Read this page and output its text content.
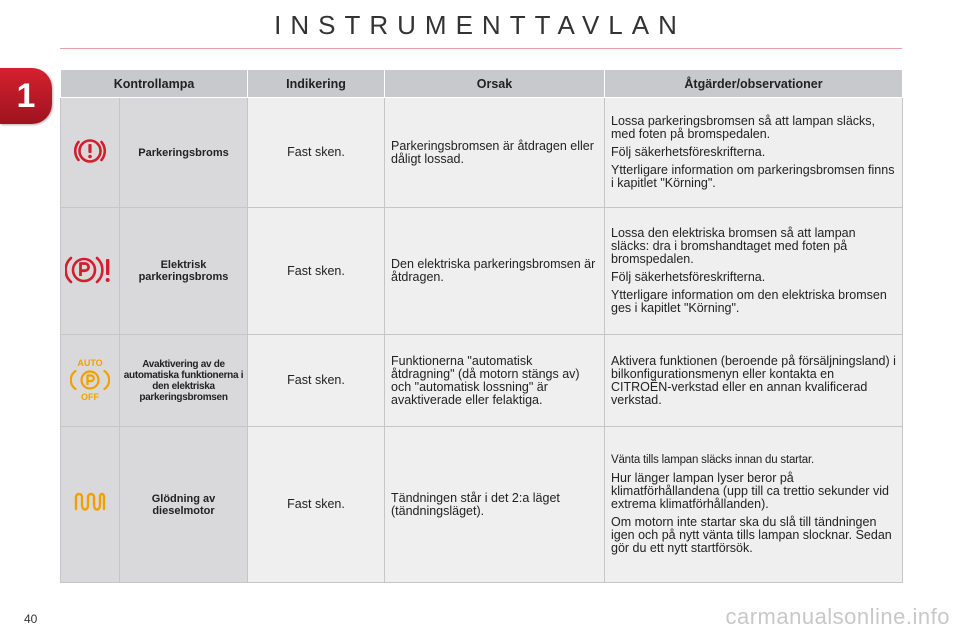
INSTRUMENTTAVLAN
1	Kontrollampa		Indikering	Orsak	Åtgärder/observationer

	Parkeringsbroms	Fast sken.	Parkeringsbromsen är åtdragen eller dåligt lossad.	Lossa parkeringsbromsen så att lampan släcks, med foten på bromspedalen.

Följ säkerhetsföreskrifterna.

Ytterligare information om parkeringsbromsen finns i kapitlet "Körning".

	Elektrisk parkeringsbroms	Fast sken.	Den elektriska parkeringsbromsen är åtdragen.	Lossa den elektriska bromsen så att lampan släcks: dra i bromshandtaget med foten på bromspedalen.

Följ säkerhetsföreskrifterna.

Ytterligare information om den elektriska bromsen ges i kapitlet "Körning".

AUTO
OFF	Avaktivering av de automatiska funktionerna i den elektriska parkeringsbromsen	Fast sken.	Funktionerna "automatisk åtdragning" (då motorn stängs av) och "automatisk lossning" är avaktiverade eller felaktiga.	Aktivera funktionen (beroende på försäljningsland) i bilkonfigurationsmenyn eller kontakta en CITROËN-verkstad eller en annan kvalificerad verkstad.

	Glödning av dieselmotor	Fast sken.	Tändningen står i det 2:a läget (tändningsläget).	Vänta tills lampan släcks innan du startar.

Hur länger lampan lyser beror på klimatförhållandena (upp till ca trettio sekunder vid extrema klimatförhållanden).

Om motorn inte startar ska du slå till tändningen igen och på nytt vänta tills lampan slocknar. Sedan gör du ett nytt startförsök.

40	carmanualsonline.info
